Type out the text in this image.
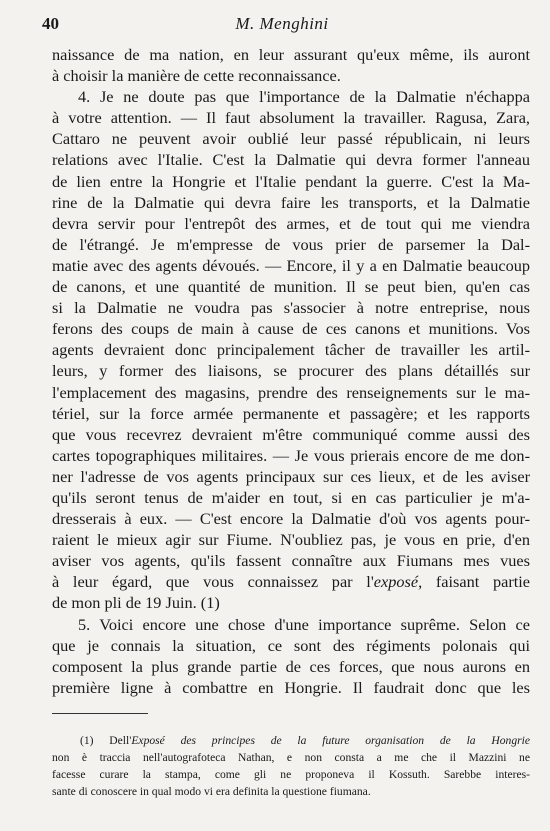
40	M. Menghini
naissance de ma nation, en leur assurant qu'eux même, ils auront
à choisir la manière de cette reconnaissance.
4. Je ne doute pas que l'importance de la Dalmatie n'échappa
à votre attention. — Il faut absolument la travailler. Ragusa, Zara,
Cattaro ne peuvent avoir oublié leur passé républicain, ni leurs
relations avec l'Italie. C'est la Dalmatie qui devra former l'anneau
de lien entre la Hongrie et l'Italie pendant la guerre. C'est la Ma-
rine de la Dalmatie qui devra faire les transports, et la Dalmatie
devra servir pour l'entrepôt des armes, et de tout qui me viendra
de l'étrangé. Je m'empresse de vous prier de parsemer la Dal-
matie avec des agents dévoués. — Encore, il y a en Dalmatie beaucoup
de canons, et une quantité de munition. Il se peut bien, qu'en cas
si la Dalmatie ne voudra pas s'associer à notre entreprise, nous
ferons des coups de main à cause de ces canons et munitions. Vos
agents devraient donc principalement tâcher de travailler les artil-
leurs, y former des liaisons, se procurer des plans détaillés sur
l'emplacement des magasins, prendre des renseignements sur le ma-
tériel, sur la force armée permanente et passagère; et les rapports
que vous recevrez devraient m'être communiqué comme aussi des
cartes topographiques militaires. — Je vous prierais encore de me don-
ner l'adresse de vos agents principaux sur ces lieux, et de les aviser
qu'ils seront tenus de m'aider en tout, si en cas particulier je m'a-
dresserais à eux. — C'est encore la Dalmatie d'où vos agents pour-
raient le mieux agir sur Fiume. N'oubliez pas, je vous en prie, d'en
aviser vos agents, qu'ils fassent connaître aux Fiumans mes vues
à leur égard, que vous connaissez par l'exposé, faisant partie
de mon pli de 19 Juin. (1)
5. Voici encore une chose d'une importance suprême. Selon ce
que je connais la situation, ce sont des régiments polonais qui
composent la plus grande partie de ces forces, que nous aurons en
première ligne à combattre en Hongrie. Il faudrait donc que les
(1) Dell'Exposé des principes de la future organisation de la Hongrie
non è traccia nell'autografoteca Nathan, e non consta a me che il Mazzini ne
facesse curare la stampa, come gli ne proponeva il Kossuth. Sarebbe interes-
sante di conoscere in qual modo vi era definita la questione fiumana.
